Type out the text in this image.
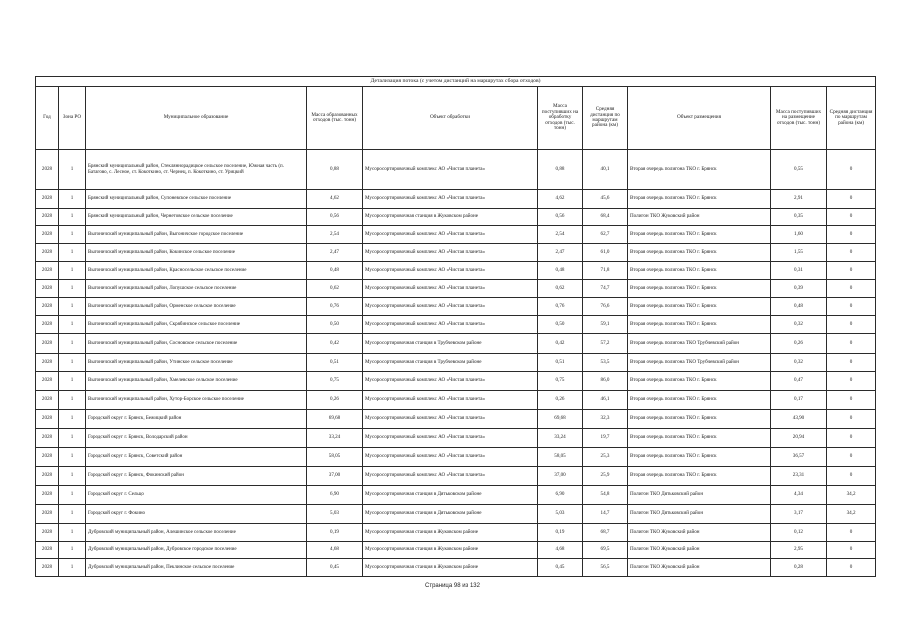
Детализация потока (с учетом дистанций на маршрутах сбора отходов)									
Год	Зона РО	Муниципальное образование	Масса образованных отходов (тыс. тонн)	Объект обработки	Масса поступивших на обработку отходов (тыс. тонн)	Средняя дистанция по маршрутам района (км)	Объект размещения	Масса поступивших на размещение отходов (тыс. тонн)	Средняя дистанция по маршрутам района (км)
2028	1	Брянский муниципальный район, Стекляннорадицкое сельское поселение, Южная часть (п. Батагово, с. Лесное, ст. Кокоткино, ст. Чернец, п. Кокоткино, ст. Урицкий	0,88	Мусоросортировочный комплекс АО «Чистая планета»	0,88	40,1	Вторая очередь полигона ТКО г. Брянск	0,55	0
2028	1	Брянский муниципальный район, Супоневское сельское поселение	4,62	Мусоросортировочный комплекс АО «Чистая планета»	4,62	45,6	Вторая очередь полигона ТКО г. Брянск	2,91	0
2028	1	Брянский муниципальный район, Чернетовское сельское поселение	0,56	Мусоросортировочная станция в Жуковском районе	0,56	68,4	Полигон ТКО Жуковский район	0,35	0
2028	1	Выгоничский муниципальный район, Выгоничское городское поселение	2,54	Мусоросортировочный комплекс АО «Чистая планета»	2,54	62,7	Вторая очередь полигона ТКО г. Брянск	1,60	0
2028	1	Выгоничский муниципальный район, Кокинское сельское поселение	2,47	Мусоросортировочный комплекс АО «Чистая планета»	2,47	61,0	Вторая очередь полигона ТКО г. Брянск	1,55	0
2028	1	Выгоничский муниципальный район, Красносельское сельское поселение	0,48	Мусоросортировочный комплекс АО «Чистая планета»	0,48	71,8	Вторая очередь полигона ТКО г. Брянск	0,31	0
2028	1	Выгоничский муниципальный район, Лопушское сельское поселение	0,62	Мусоросортировочный комплекс АО «Чистая планета»	0,62	74,7	Вторая очередь полигона ТКО г. Брянск	0,39	0
2028	1	Выгоничский муниципальный район, Орменское сельское поселение	0,76	Мусоросортировочный комплекс АО «Чистая планета»	0,76	76,6	Вторая очередь полигона ТКО г. Брянск	0,48	0
2028	1	Выгоничский муниципальный район, Скрябинское сельское поселение	0,50	Мусоросортировочный комплекс АО «Чистая планета»	0,50	59,1	Вторая очередь полигона ТКО г. Брянск	0,32	0
2028	1	Выгоничский муниципальный район, Сосновское сельское поселение	0,42	Мусоросортировочная станция в Трубчевском районе	0,42	57,2	Вторая очередь полигона ТКО Трубчевский район	0,26	0
2028	1	Выгоничский муниципальный район, Утинское сельское поселение	0,51	Мусоросортировочная станция в Трубчевском районе	0,51	53,5	Вторая очередь полигона ТКО Трубчевский район	0,32	0
2028	1	Выгоничский муниципальный район, Хмелевское сельское поселение	0,75	Мусоросортировочный комплекс АО «Чистая планета»	0,75	86,0	Вторая очередь полигона ТКО г. Брянск	0,47	0
2028	1	Выгоничский муниципальный район, Хутор-Борское сельское поселение	0,26	Мусоросортировочный комплекс АО «Чистая планета»	0,26	46,1	Вторая очередь полигона ТКО г. Брянск	0,17	0
2028	1	Городской округ г. Брянск, Бежицкий район	69,68	Мусоросортировочный комплекс АО «Чистая планета»	69,68	32,3	Вторая очередь полигона ТКО г. Брянск	43,90	0
2028	1	Городской округ г. Брянск, Володарский район	33,24	Мусоросортировочный комплекс АО «Чистая планета»	33,24	19,7	Вторая очередь полигона ТКО г. Брянск	20,94	0
2028	1	Городской округ г. Брянск, Советский район	58,05	Мусоросортировочный комплекс АО «Чистая планета»	58,05	25,3	Вторая очередь полигона ТКО г. Брянск	36,57	0
2028	1	Городской округ г. Брянск, Фокинский район	37,00	Мусоросортировочный комплекс АО «Чистая планета»	37,00	25,9	Вторая очередь полигона ТКО г. Брянск	23,31	0
2028	1	Городской округ г. Сельцо	6,90	Мусоросортировочная станция в Дятьковском районе	6,90	54,8	Полигон ТКО Дятьковский район	4,34	34,2
2028	1	Городской округ г. Фокино	5,03	Мусоросортировочная станция в Дятьковском районе	5,03	14,7	Полигон ТКО Дятьковский район	3,17	34,2
2028	1	Дубровский муниципальный район, Алешинское сельское поселение	0,19	Мусоросортировочная станция в Жуковском районе	0,19	68,7	Полигон ТКО Жуковский район	0,12	0
2028	1	Дубровский муниципальный район, Дубровское городское поселение	4,68	Мусоросортировочная станция в Жуковском районе	4,68	69,5	Полигон ТКО Жуковский район	2,95	0
2028	1	Дубровский муниципальный район, Пеклинское сельское поселение	0,45	Мусоросортировочная станция в Жуковском районе	0,45	56,5	Полигон ТКО Жуковский район	0,28	0
Страница 98 из 132
